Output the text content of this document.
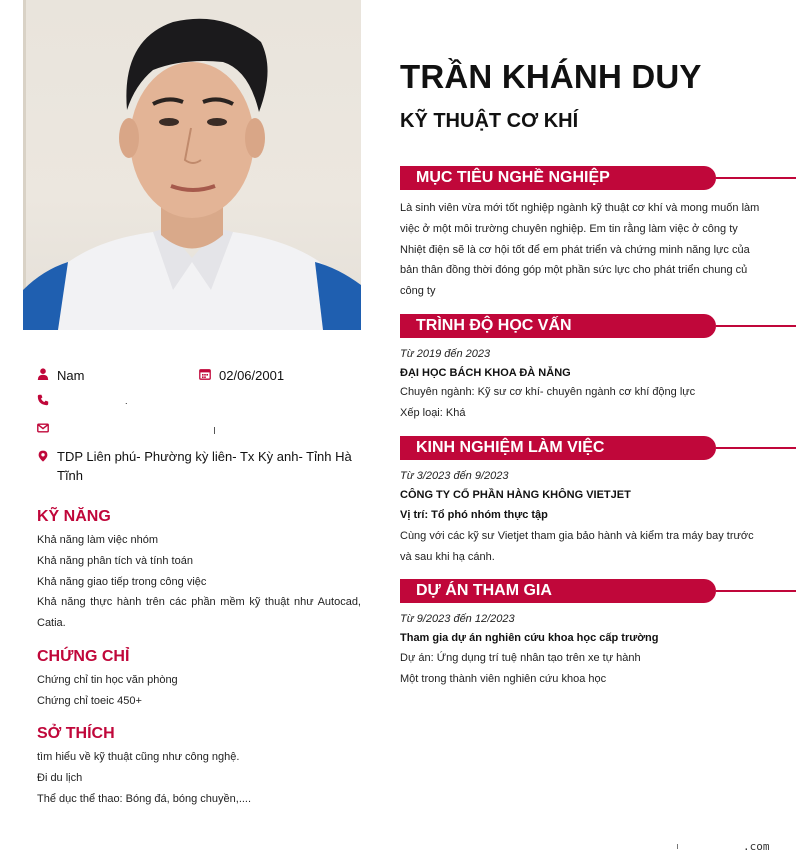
Nam	02/06/2001
.
TDP Liên phú- Phường kỳ liên- Tx Kỳ anh- Tỉnh Hà Tĩnh
KỸ NĂNG
Khả năng làm việc nhóm
Khả năng phân tích và tính toán
Khả năng giao tiếp trong công việc
Khả năng thực hành trên các phần mềm kỹ thuật như Autocad, Catia.
CHỨNG CHỈ
Chứng chỉ tin học văn phòng
Chứng chỉ toeic 450+
SỞ THÍCH
tìm hiểu về kỹ thuật cũng như công nghệ.
Đi du lịch
Thể dục thể thao: Bóng đá, bóng chuyền,....
TRẦN KHÁNH DUY
KỸ THUẬT CƠ KHÍ
MỤC TIÊU NGHỀ NGHIỆP
Là sinh viên vừa mới tốt nghiệp ngành kỹ thuật cơ khí và mong muốn làm việc ở một môi trường chuyên nghiệp. Em tin rằng làm việc ở công ty Nhiệt điện sẽ là cơ hội tốt để em phát triển và chứng minh năng lực của bản thân đồng thời đóng góp một phần sức lực cho phát triển chung củ công ty
TRÌNH ĐỘ HỌC VẤN
Từ 2019 đến 2023
ĐẠI HỌC BÁCH KHOA ĐÀ NẴNG
Chuyên ngành: Kỹ sư cơ khí- chuyên ngành cơ khí động lực
Xếp loại: Khá
KINH NGHIỆM LÀM VIỆC
Từ 3/2023 đến 9/2023
CÔNG TY CỔ PHẦN HÀNG KHÔNG VIETJET
Vị trí: Tổ phó nhóm thực tập
Cùng với các kỹ sư Vietjet tham gia bảo hành và kiểm tra máy bay trước và sau khi hạ cánh.
DỰ ÁN THAM GIA
Từ 9/2023 đến 12/2023
Tham gia dự án nghiên cứu khoa học cấp trường
Dự án: Ứng dụng trí tuệ nhân tạo trên xe tự hành
Một trong thành viên nghiên cứu khoa học
.com
